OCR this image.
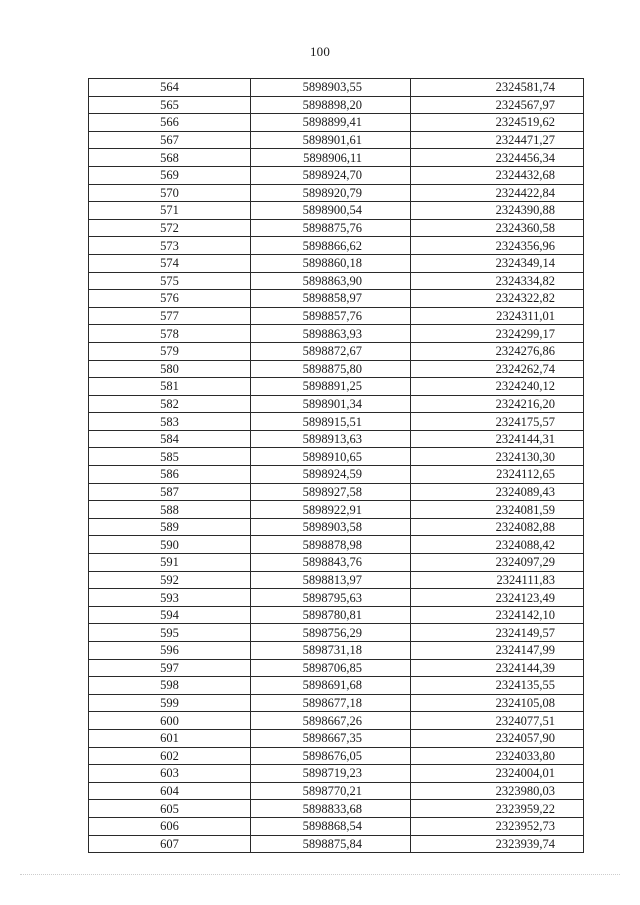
100
564	5898903,55	2324581,74
565	5898898,20	2324567,97
566	5898899,41	2324519,62
567	5898901,61	2324471,27
568	5898906,11	2324456,34
569	5898924,70	2324432,68
570	5898920,79	2324422,84
571	5898900,54	2324390,88
572	5898875,76	2324360,58
573	5898866,62	2324356,96
574	5898860,18	2324349,14
575	5898863,90	2324334,82
576	5898858,97	2324322,82
577	5898857,76	2324311,01
578	5898863,93	2324299,17
579	5898872,67	2324276,86
580	5898875,80	2324262,74
581	5898891,25	2324240,12
582	5898901,34	2324216,20
583	5898915,51	2324175,57
584	5898913,63	2324144,31
585	5898910,65	2324130,30
586	5898924,59	2324112,65
587	5898927,58	2324089,43
588	5898922,91	2324081,59
589	5898903,58	2324082,88
590	5898878,98	2324088,42
591	5898843,76	2324097,29
592	5898813,97	2324111,83
593	5898795,63	2324123,49
594	5898780,81	2324142,10
595	5898756,29	2324149,57
596	5898731,18	2324147,99
597	5898706,85	2324144,39
598	5898691,68	2324135,55
599	5898677,18	2324105,08
600	5898667,26	2324077,51
601	5898667,35	2324057,90
602	5898676,05	2324033,80
603	5898719,23	2324004,01
604	5898770,21	2323980,03
605	5898833,68	2323959,22
606	5898868,54	2323952,73
607	5898875,84	2323939,74
